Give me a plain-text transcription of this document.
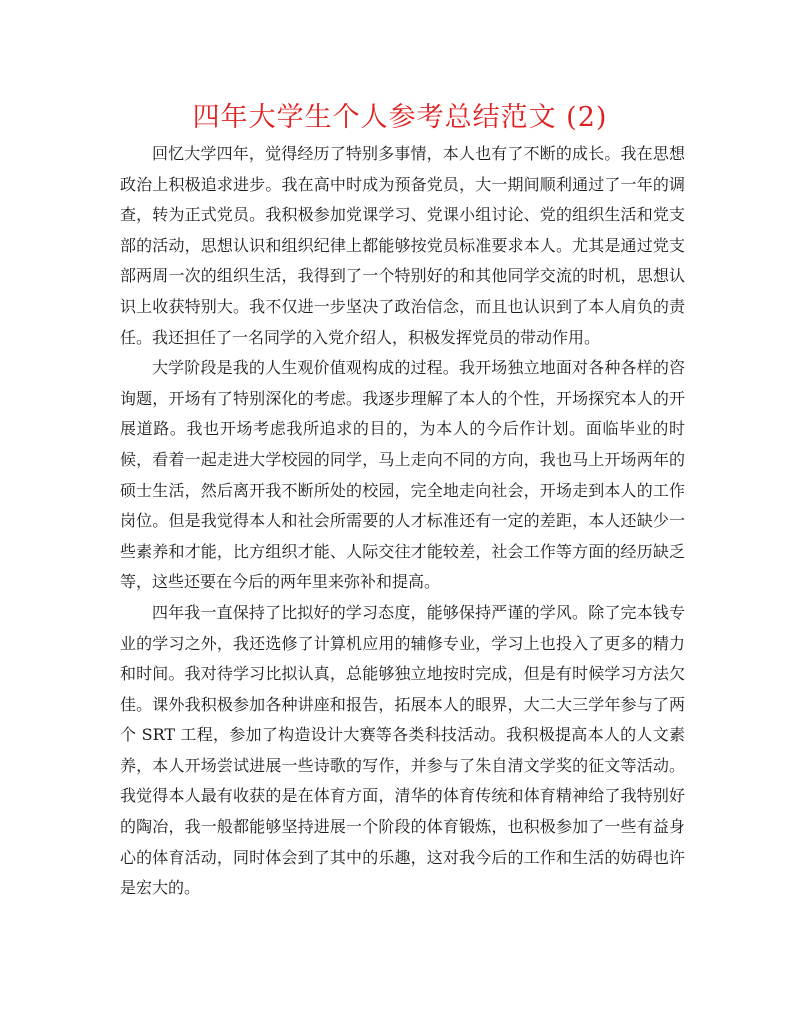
四年大学生个人参考总结范文 (2)

回忆大学四年，觉得经历了特别多事情，本人也有了不断的成长。我在思想政治上积极追求进步。我在高中时成为预备党员，大一期间顺利通过了一年的调查，转为正式党员。我积极参加党课学习、党课小组讨论、党的组织生活和党支部的活动，思想认识和组织纪律上都能够按党员标准要求本人。尤其是通过党支部两周一次的组织生活，我得到了一个特别好的和其他同学交流的时机，思想认识上收获特别大。我不仅进一步坚决了政治信念，而且也认识到了本人肩负的责任。我还担任了一名同学的入党介绍人，积极发挥党员的带动作用。

大学阶段是我的人生观价值观构成的过程。我开场独立地面对各种各样的咨询题，开场有了特别深化的考虑。我逐步理解了本人的个性，开场探究本人的开展道路。我也开场考虑我所追求的目的，为本人的今后作计划。面临毕业的时候，看着一起走进大学校园的同学，马上走向不同的方向，我也马上开场两年的硕士生活，然后离开我不断所处的校园，完全地走向社会，开场走到本人的工作岗位。但是我觉得本人和社会所需要的人才标准还有一定的差距，本人还缺少一些素养和才能，比方组织才能、人际交往才能较差，社会工作等方面的经历缺乏等，这些还要在今后的两年里来弥补和提高。

四年我一直保持了比拟好的学习态度，能够保持严谨的学风。除了完本钱专业的学习之外，我还选修了计算机应用的辅修专业，学习上也投入了更多的精力和时间。我对待学习比拟认真，总能够独立地按时完成，但是有时候学习方法欠佳。课外我积极参加各种讲座和报告，拓展本人的眼界，大二大三学年参与了两个 SRT 工程，参加了构造设计大赛等各类科技活动。我积极提高本人的人文素养，本人开场尝试进展一些诗歌的写作，并参与了朱自清文学奖的征文等活动。我觉得本人最有收获的是在体育方面，清华的体育传统和体育精神给了我特别好的陶冶，我一般都能够坚持进展一个阶段的体育锻炼，也积极参加了一些有益身心的体育活动，同时体会到了其中的乐趣，这对我今后的工作和生活的妨碍也许是宏大的。
